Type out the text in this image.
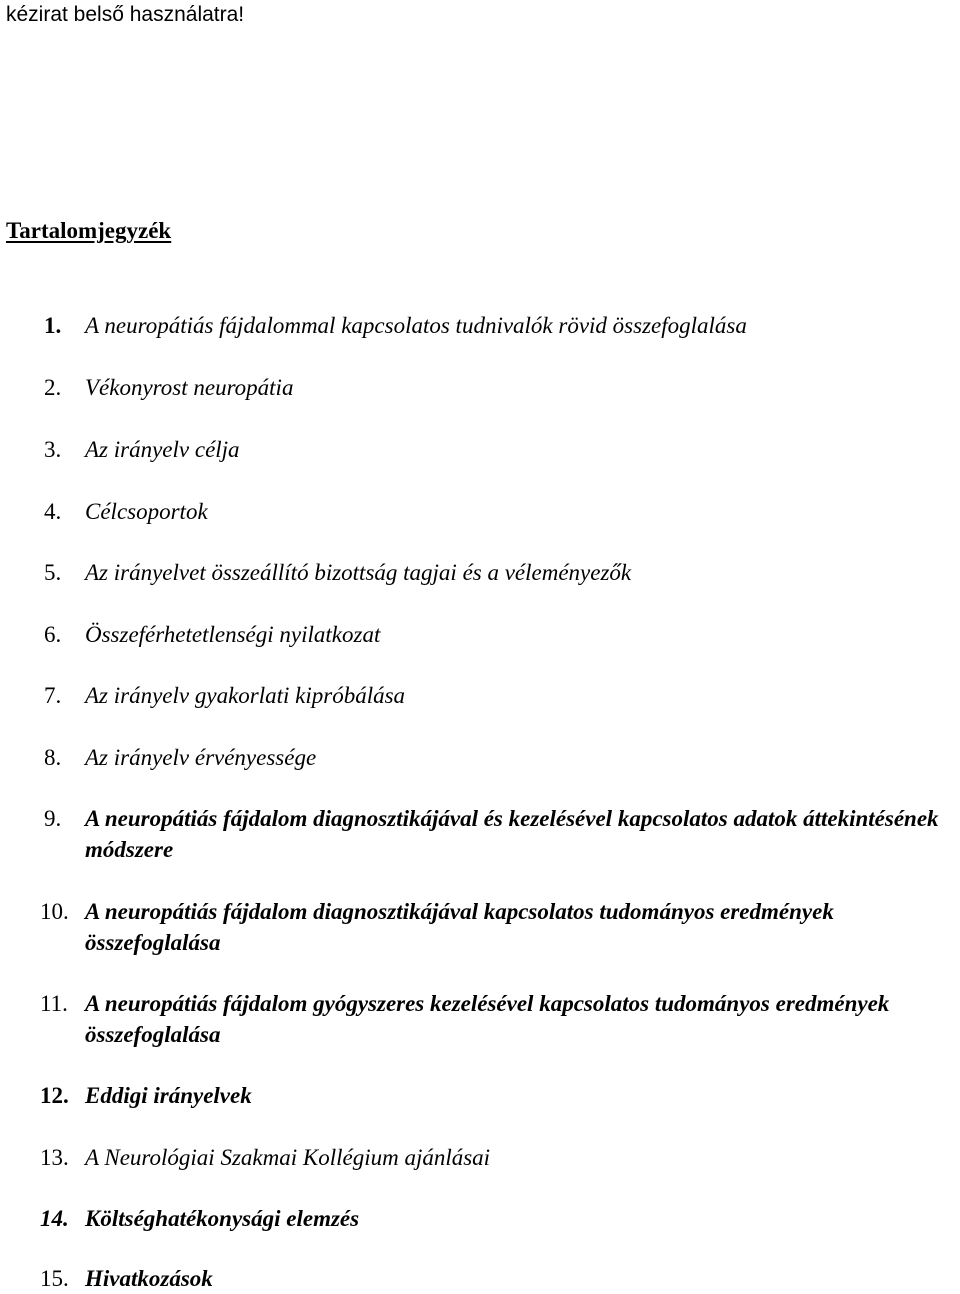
kézirat belső használatra!
Tartalomjegyzék
1. A neuropátiás fájdalommal kapcsolatos tudnivalók rövid összefoglalása
2. Vékonyrost neuropátia
3. Az irányelv célja
4. Célcsoportok
5. Az irányelvet összeállító bizottság tagjai és a véleményezők
6. Összeférhetetlenségi nyilatkozat
7. Az irányelv gyakorlati kipróbálása
8. Az irányelv érvényessége
9. A neuropátiás fájdalom diagnosztikájával és kezelésével kapcsolatos adatok áttekintésének módszere
10. A neuropátiás fájdalom diagnosztikájával kapcsolatos tudományos eredmények összefoglalása
11. A neuropátiás fájdalom gyógyszeres kezelésével kapcsolatos tudományos eredmények összefoglalása
12. Eddigi irányelvek
13. A Neurológiai Szakmai Kollégium ajánlásai
14. Költséghatékonysági elemzés
15. Hivatkozások
